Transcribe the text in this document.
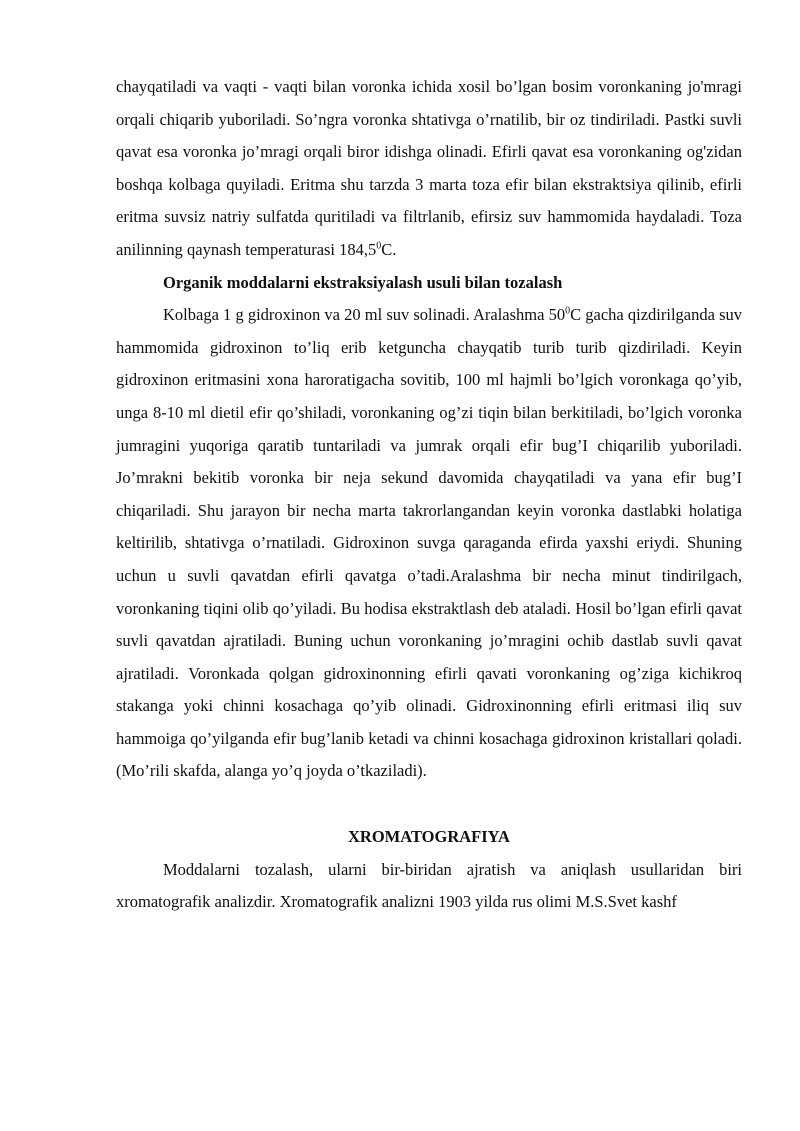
chayqatiladi va vaqti - vaqti bilan voronka ichida xosil bo’lgan bosim voronkaning jo'mragi orqali chiqarib yuboriladi. So’ngra voronka shtativga o’rnatilib, bir oz tindiriladi. Pastki suvli qavat esa voronka jo’mragi orqali biror idishga olinadi. Efirli qavat esa voronkaning og'zidan boshqa kolbaga quyiladi. Eritma shu tarzda 3 marta toza efir bilan ekstraktsiya qilinib, efirli eritma suvsiz natriy sulfatda quritiladi va filtrlanib, efirsiz suv hammomida haydaladi. Toza anilinning qaynash temperaturasi 184,5$^0$C.

Organik moddalarni ekstraksiyalash usuli bilan tozalash

Kolbaga 1 g gidroxinon va 20 ml suv solinadi. Aralashma $50^0C$ gacha qizdirilganda suv hammomida gidroxinon to’liq erib ketguncha chayqatib turib turib qizdiriladi. Keyin gidroxinon eritmasini xona haroratigacha sovitib, 100 ml hajmli bo’lgich voronkaga qo’yib, unga 8-10 ml dietil efir qo’shiladi, voronkaning og’zi tiqin bilan berkitiladi, bo’lgich voronka jumragini yuqoriga qaratib tuntariladi va jumrak orqali efir bug’I chiqarilib yuboriladi. Jo’mrakni bekitib voronka bir neja sekund davomida chayqatiladi va yana efir bug’I chiqariladi. Shu jarayon bir necha marta takrorlangandan keyin voronka dastlabki holatiga keltirilib, shtativga o’rnatiladi. Gidroxinon suvga qaraganda efirda yaxshi eriydi. Shuning uchun u suvli qavatdan efirli qavatga o’tadi.Aralashma bir necha minut tindirilgach, voronkaning tiqini olib qo’yiladi. Bu hodisa ekstraktlash deb ataladi. Hosil bo’lgan efirli qavat suvli qavatdan ajratiladi. Buning uchun voronkaning jo’mragini ochib dastlab suvli qavat ajratiladi. Voronkada qolgan gidroxinonning efirli qavati voronkaning og’ziga kichikroq stakanga yoki chinni kosachaga qo’yib olinadi. Gidroxinonning efirli eritmasi iliq suv hammoiga qo’yilganda efir bug’lanib ketadi va chinni kosachaga gidroxinon kristallari qoladi. (Mo’rili skafda, alanga yo’q joyda o’tkaziladi).

XROMATOGRAFIYA

Moddalarni tozalash, ularni bir-biridan ajratish va aniqlash usullaridan biri xromatografik analizdir. Xromatografik analizni 1903 yilda rus olimi M.S.Svet kashf
